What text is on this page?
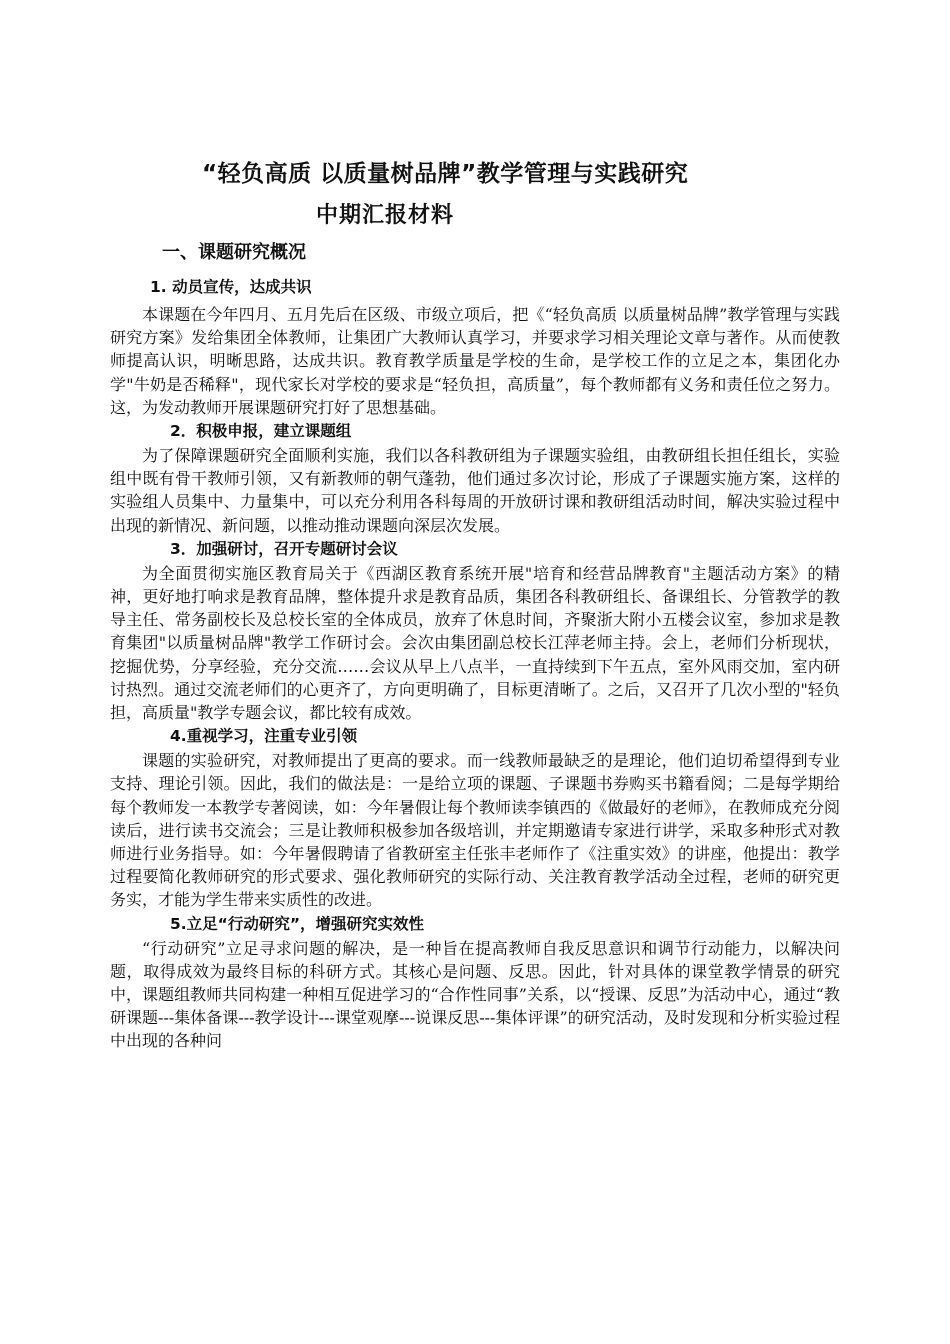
“轻负高质 以质量树品牌”教学管理与实践研究
中期汇报材料
一、课题研究概况
1. 动员宣传，达成共识

本课题在今年四月、五月先后在区级、市级立项后，把《“轻负高质 以质量树品牌”教学管理与实践研究方案》发给集团全体教师，让集团广大教师认真学习，并要求学习相关理论文章与著作。从而使教师提高认识，明晰思路，达成共识。教育教学质量是学校的生命，是学校工作的立足之本，集团化办学"牛奶是否稀释"，现代家长对学校的要求是“轻负担，高质量”，每个教师都有义务和责任位之努力。这，为发动教师开展课题研究打好了思想基础。

2．积极申报，建立课题组

为了保障课题研究全面顺利实施，我们以各科教研组为子课题实验组，由教研组长担任组长，实验组中既有骨干教师引领，又有新教师的朝气蓬勃，他们通过多次讨论，形成了子课题实施方案，这样的实验组人员集中、力量集中，可以充分利用各科每周的开放研讨课和教研组活动时间，解决实验过程中出现的新情况、新问题，以推动推动课题向深层次发展。

3．加强研讨，召开专题研讨会议

为全面贯彻实施区教育局关于《西湖区教育系统开展"培育和经营品牌教育"主题活动方案》的精神，更好地打响求是教育品牌，整体提升求是教育品质，集团各科教研组长、备课组长、分管教学的教导主任、常务副校长及总校长室的全体成员，放弃了休息时间，齐聚浙大附小五楼会议室，参加求是教育集团"以质量树品牌"教学工作研讨会。会次由集团副总校长江萍老师主持。会上，老师们分析现状，挖掘优势，分享经验，充分交流……会议从早上八点半，一直持续到下午五点，室外风雨交加，室内研讨热烈。通过交流老师们的心更齐了，方向更明确了，目标更清晰了。之后，又召开了几次小型的"轻负担，高质量"教学专题会议，都比较有成效。

4.重视学习，注重专业引领

课题的实验研究，对教师提出了更高的要求。而一线教师最缺乏的是理论，他们迫切希望得到专业支持、理论引领。因此，我们的做法是：一是给立项的课题、子课题书券购买书籍看阅；二是每学期给每个教师发一本教学专著阅读，如：今年暑假让每个教师读李镇西的《做最好的老师》，在教师成充分阅读后，进行读书交流会；三是让教师积极参加各级培训，并定期邀请专家进行讲学，采取多种形式对教师进行业务指导。如：今年暑假聘请了省教研室主任张丰老师作了《注重实效》的讲座，他提出：教学过程要简化教师研究的形式要求、强化教师研究的实际行动、关注教育教学活动全过程，老师的研究更务实，才能为学生带来实质性的改进。

5.立足“行动研究”，增强研究实效性

“行动研究”立足寻求问题的解决，是一种旨在提高教师自我反思意识和调节行动能力，以解决问题，取得成效为最终目标的科研方式。其核心是问题、反思。因此，针对具体的课堂教学情景的研究中，课题组教师共同构建一种相互促进学习的“合作性同事”关系，以“授课、反思”为活动中心，通过“教研课题---集体备课---教学设计---课堂观摩---说课反思---集体评课”的研究活动，及时发现和分析实验过程中出现的各种问
